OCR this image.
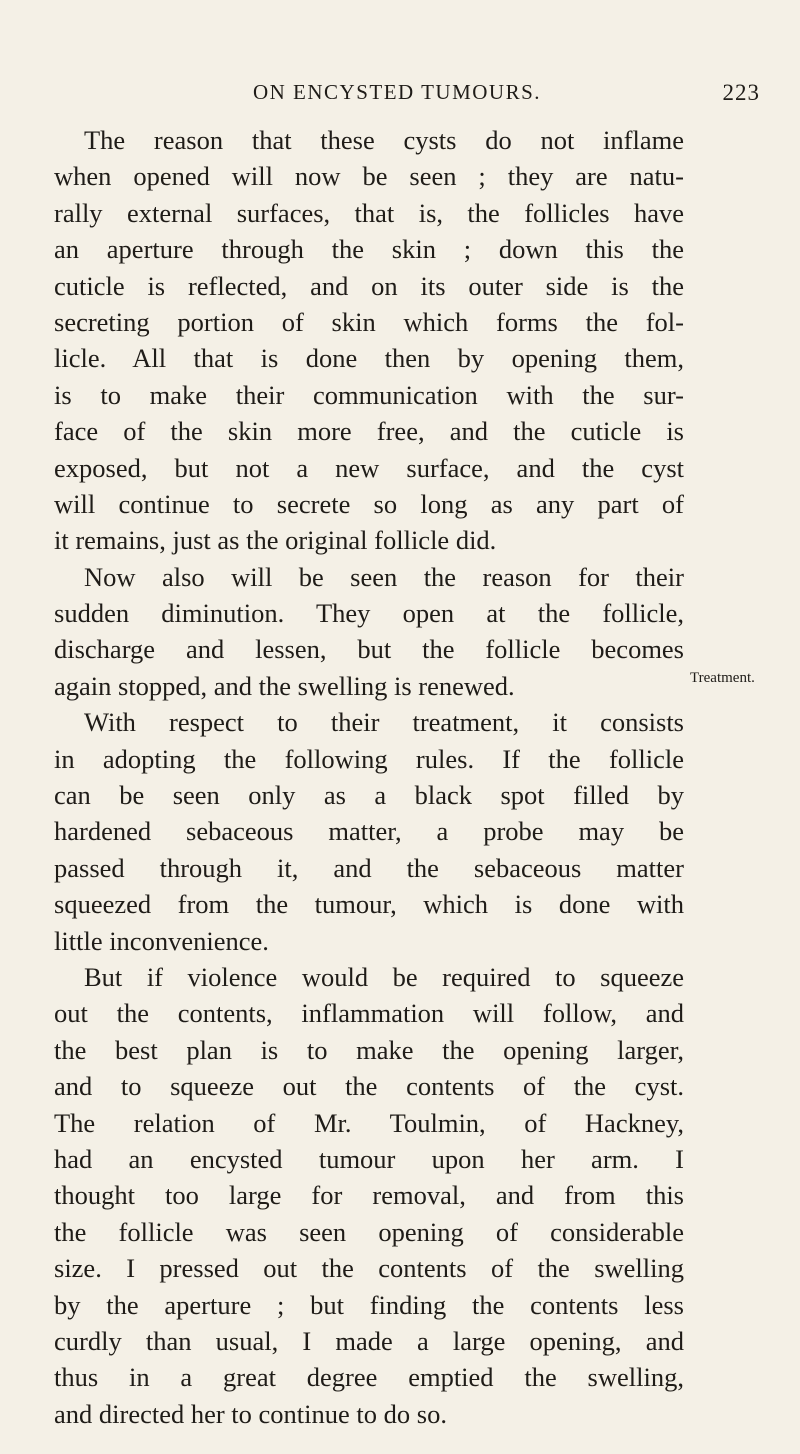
ON ENCYSTED TUMOURS.	223
Treatment.
The reason that these cysts do not inflame
when opened will now be seen ; they are natu-
rally external surfaces, that is, the follicles have
an aperture through the skin ; down this the
cuticle is reflected, and on its outer side is the
secreting portion of skin which forms the fol-
licle. All that is done then by opening them,
is to make their communication with the sur-
face of the skin more free, and the cuticle is
exposed, but not a new surface, and the cyst
will continue to secrete so long as any part of
it remains, just as the original follicle did.
Now also will be seen the reason for their
sudden diminution. They open at the follicle,
discharge and lessen, but the follicle becomes
again stopped, and the swelling is renewed.
With respect to their treatment, it consists
in adopting the following rules. If the follicle
can be seen only as a black spot filled by
hardened sebaceous matter, a probe may be
passed through it, and the sebaceous matter
squeezed from the tumour, which is done with
little inconvenience.
But if violence would be required to squeeze
out the contents, inflammation will follow, and
the best plan is to make the opening larger,
and to squeeze out the contents of the cyst.
The relation of Mr. Toulmin, of Hackney,
had an encysted tumour upon her arm. I
thought too large for removal, and from this
the follicle was seen opening of considerable
size. I pressed out the contents of the swelling
by the aperture ; but finding the contents less
curdly than usual, I made a large opening, and
thus in a great degree emptied the swelling,
and directed her to continue to do so.
